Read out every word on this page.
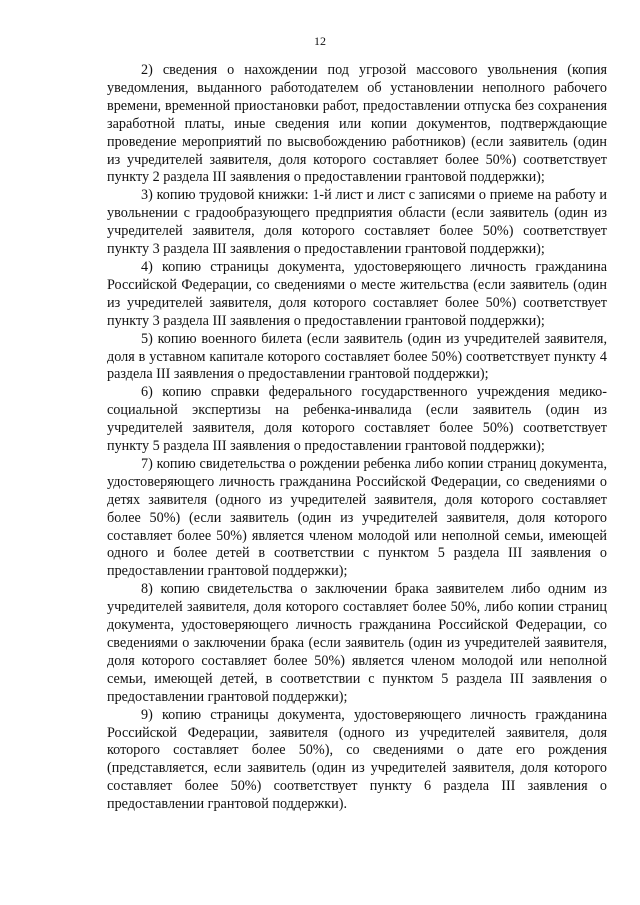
12

2) сведения о нахождении под угрозой массового увольнения (копия уведомления, выданного работодателем об установлении неполного рабочего времени, временной приостановки работ, предоставлении отпуска без сохранения заработной платы, иные сведения или копии документов, подтверждающие проведение мероприятий по высвобождению работников) (если заявитель (один из учредителей заявителя, доля которого составляет более 50%) соответствует пункту 2 раздела III заявления о предоставлении грантовой поддержки);

3) копию трудовой книжки: 1-й лист и лист с записями о приеме на работу и увольнении с градообразующего предприятия области (если заявитель (один из учредителей заявителя, доля которого составляет более 50%) соответствует пункту 3 раздела III заявления о предоставлении грантовой поддержки);

4) копию страницы документа, удостоверяющего личность гражданина Российской Федерации, со сведениями о месте жительства (если заявитель (один из учредителей заявителя, доля которого составляет более 50%) соответствует пункту 3 раздела III заявления о предоставлении грантовой поддержки);

5) копию военного билета (если заявитель (один из учредителей заявителя, доля в уставном капитале которого составляет более 50%) соответствует пункту 4 раздела III заявления о предоставлении грантовой поддержки);

6) копию справки федерального государственного учреждения медико-социальной экспертизы на ребенка-инвалида (если заявитель (один из учредителей заявителя, доля которого составляет более 50%) соответствует пункту 5 раздела III заявления о предоставлении грантовой поддержки);

7) копию свидетельства о рождении ребенка либо копии страниц документа, удостоверяющего личность гражданина Российской Федерации, со сведениями о детях заявителя (одного из учредителей заявителя, доля которого составляет более 50%) (если заявитель (один из учредителей заявителя, доля которого составляет более 50%) является членом молодой или неполной семьи, имеющей одного и более детей в соответствии с пунктом 5 раздела III заявления о предоставлении грантовой поддержки);

8) копию свидетельства о заключении брака заявителем либо одним из учредителей заявителя, доля которого составляет более 50%, либо копии страниц документа, удостоверяющего личность гражданина Российской Федерации, со сведениями о заключении брака (если заявитель (один из учредителей заявителя, доля которого составляет более 50%) является членом молодой или неполной семьи, имеющей детей, в соответствии с пунктом 5 раздела III заявления о предоставлении грантовой поддержки);

9) копию страницы документа, удостоверяющего личность гражданина Российской Федерации, заявителя (одного из учредителей заявителя, доля которого составляет более 50%), со сведениями о дате его рождения (представляется, если заявитель (один из учредителей заявителя, доля которого составляет более 50%) соответствует пункту 6 раздела III заявления о предоставлении грантовой поддержки).
